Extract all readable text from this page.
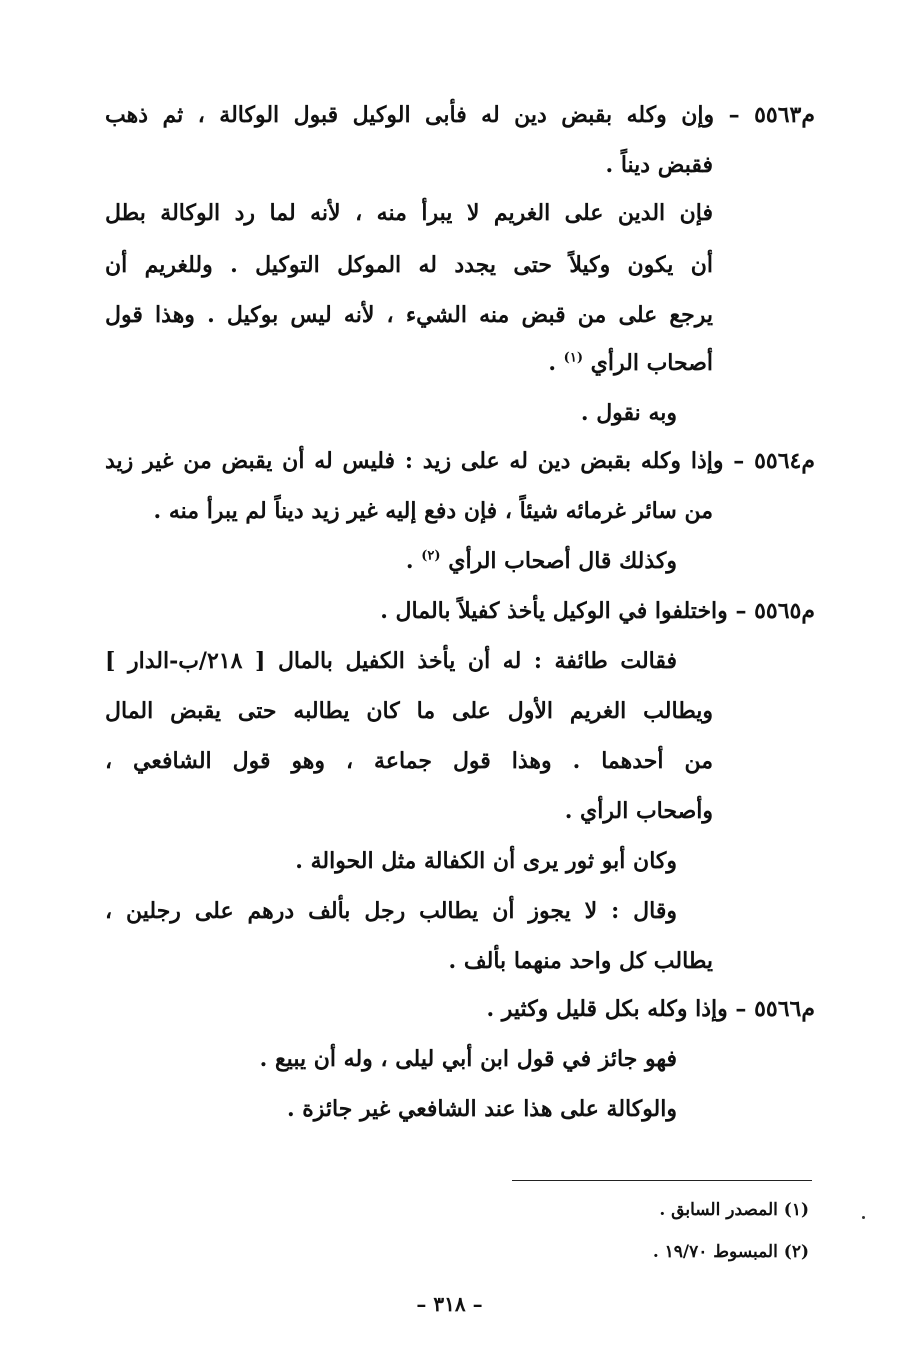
م٥٥٦٣ – وإن وكله بقبض دين له فأبى الوكيل قبول الوكالة ، ثم ذهب
فقبض ديناً .
فإن الدين على الغريم لا يبرأ منه ، لأنه لما رد الوكالة بطل
أن يكون وكيلاً حتى يجدد له الموكل التوكيل . وللغريم أن
يرجع على من قبض منه الشيء ، لأنه ليس بوكيل . وهذا قول
أصحاب الرأي $^{(١)}$ .
وبه نقول .
م٥٥٦٤ – وإذا وكله بقبض دين له على زيد : فليس له أن يقبض من غير زيد
من سائر غرمائه شيئاً ، فإن دفع إليه غير زيد ديناً لم يبرأ منه .
وكذلك قال أصحاب الرأي $^{(٢)}$ .
م٥٥٦٥ – واختلفوا في الوكيل يأخذ كفيلاً بالمال .
فقالت طائفة : له أن يأخذ الكفيل بالمال [ ٢١٨/ب-الدار ]
ويطالب الغريم الأول على ما كان يطالبه حتى يقبض المال
من أحدهما . وهذا قول جماعة ، وهو قول الشافعي ،
وأصحاب الرأي .
وكان أبو ثور يرى أن الكفالة مثل الحوالة .
وقال : لا يجوز أن يطالب رجل بألف درهم على رجلين ،
يطالب كل واحد منهما بألف .
م٥٥٦٦ – وإذا وكله بكل قليل وكثير .
فهو جائز في قول ابن أبي ليلى ، وله أن يبيع .
والوكالة على هذا عند الشافعي غير جائزة .
(١) المصدر السابق .
(٢) المبسوط ١٩/٧٠ .
– ٣١٨ –
